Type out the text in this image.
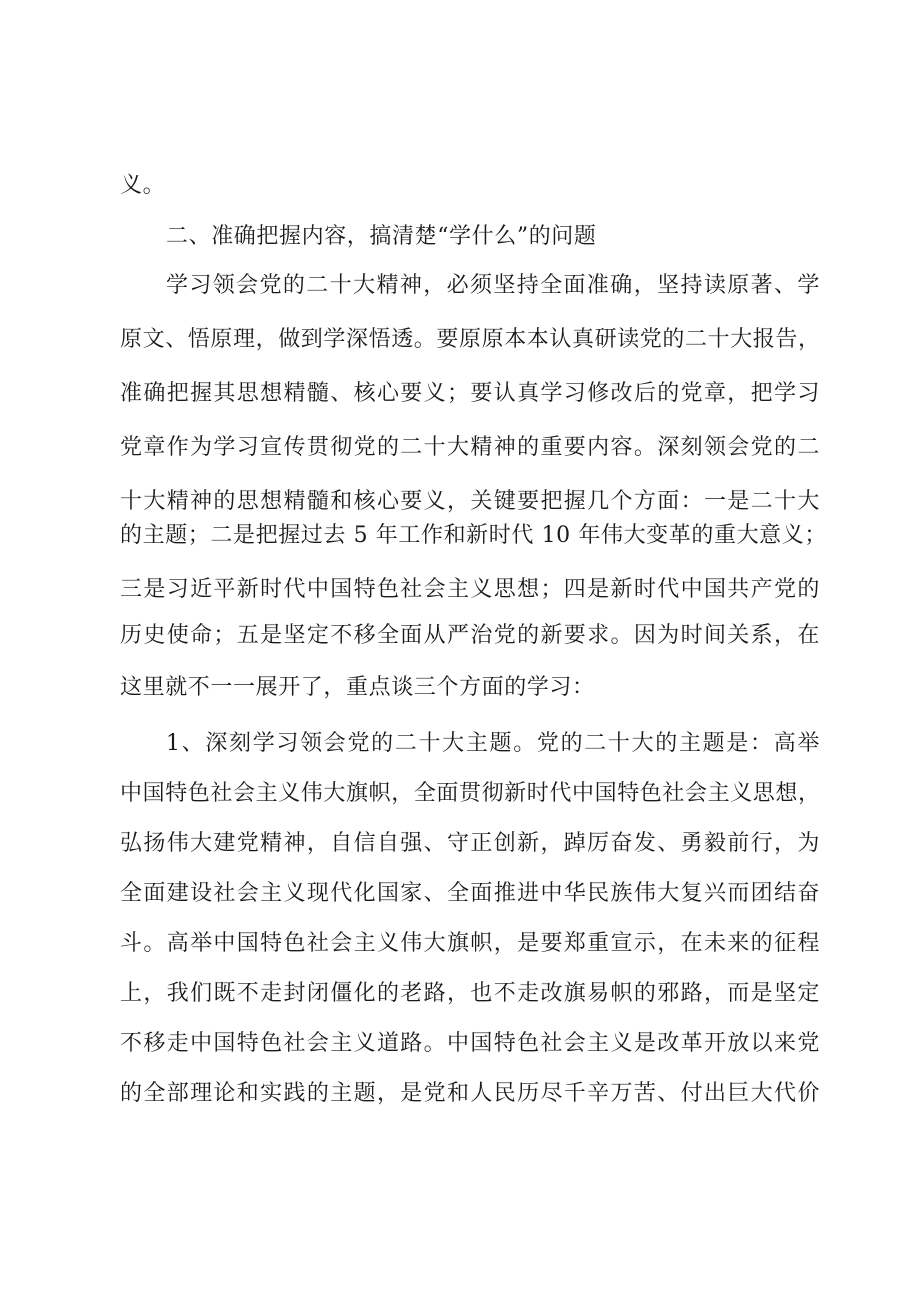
义。
二、准确把握内容，搞清楚“学什么”的问题
学习领会党的二十大精神，必须坚持全面准确，坚持读原著、学
原文、悟原理，做到学深悟透。要原原本本认真研读党的二十大报告，
准确把握其思想精髓、核心要义；要认真学习修改后的党章，把学习
党章作为学习宣传贯彻党的二十大精神的重要内容。深刻领会党的二
十大精神的思想精髓和核心要义，关键要把握几个方面：一是二十大
的主题；二是把握过去 5 年工作和新时代 10 年伟大变革的重大意义；
三是习近平新时代中国特色社会主义思想；四是新时代中国共产党的
历史使命；五是坚定不移全面从严治党的新要求。因为时间关系，在
这里就不一一展开了，重点谈三个方面的学习：
1、深刻学习领会党的二十大主题。党的二十大的主题是：高举
中国特色社会主义伟大旗帜，全面贯彻新时代中国特色社会主义思想，
弘扬伟大建党精神，自信自强、守正创新，踔厉奋发、勇毅前行，为
全面建设社会主义现代化国家、全面推进中华民族伟大复兴而团结奋
斗。高举中国特色社会主义伟大旗帜，是要郑重宣示，在未来的征程
上，我们既不走封闭僵化的老路，也不走改旗易帜的邪路，而是坚定
不移走中国特色社会主义道路。中国特色社会主义是改革开放以来党
的全部理论和实践的主题，是党和人民历尽千辛万苦、付出巨大代价
